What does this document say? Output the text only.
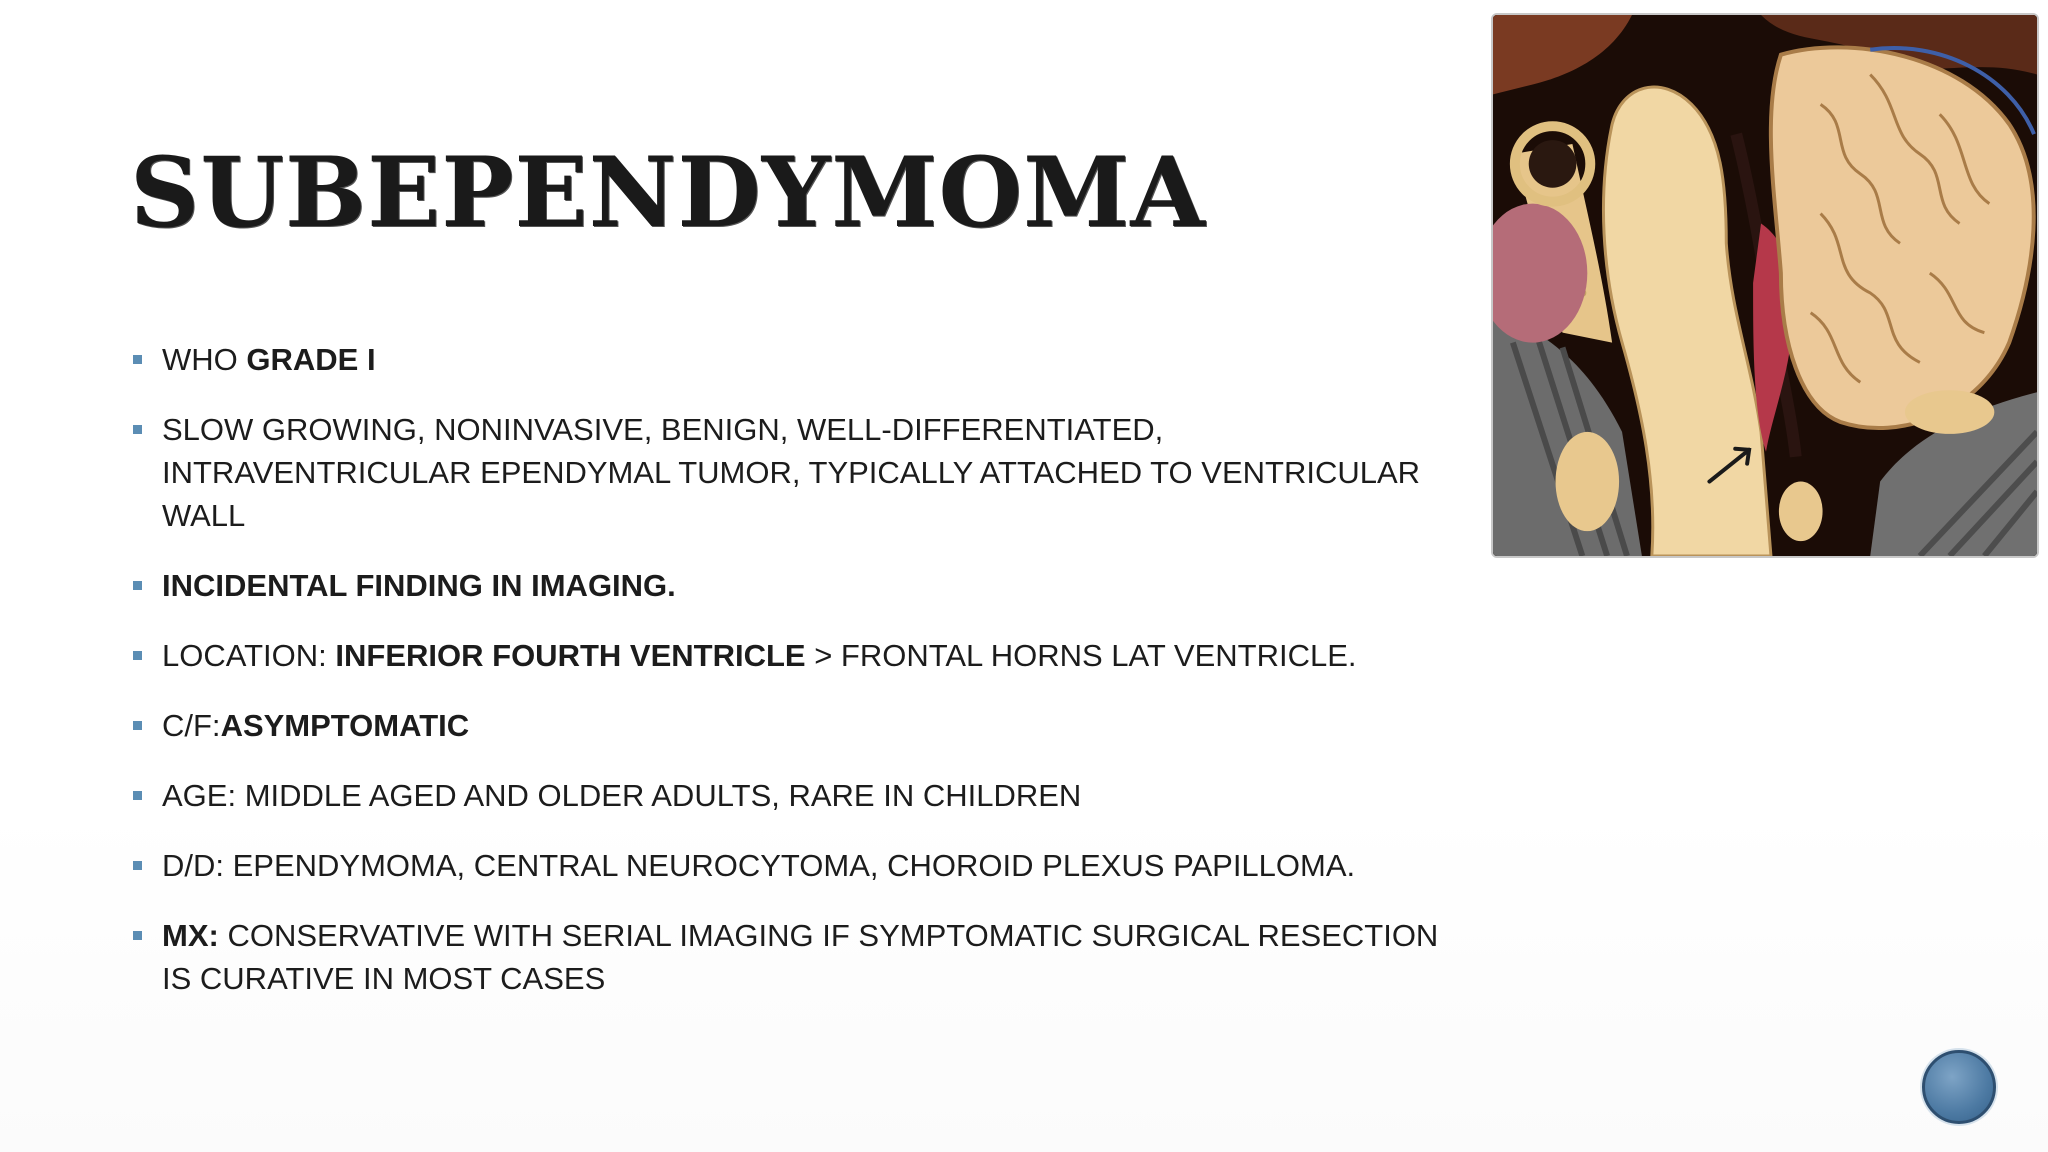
SUBEPENDYMOMA
WHO GRADE I
SLOW GROWING, NONINVASIVE, BENIGN, WELL-DIFFERENTIATED, INTRAVENTRICULAR EPENDYMAL TUMOR, TYPICALLY ATTACHED TO VENTRICULAR WALL
INCIDENTAL FINDING IN IMAGING.
LOCATION: INFERIOR FOURTH VENTRICLE > FRONTAL HORNS LAT VENTRICLE.
C/F:ASYMPTOMATIC
AGE: MIDDLE AGED AND OLDER ADULTS, RARE IN CHILDREN
D/D: EPENDYMOMA, CENTRAL NEUROCYTOMA, CHOROID PLEXUS PAPILLOMA.
MX: CONSERVATIVE WITH SERIAL IMAGING IF SYMPTOMATIC SURGICAL RESECTION IS CURATIVE IN MOST CASES
